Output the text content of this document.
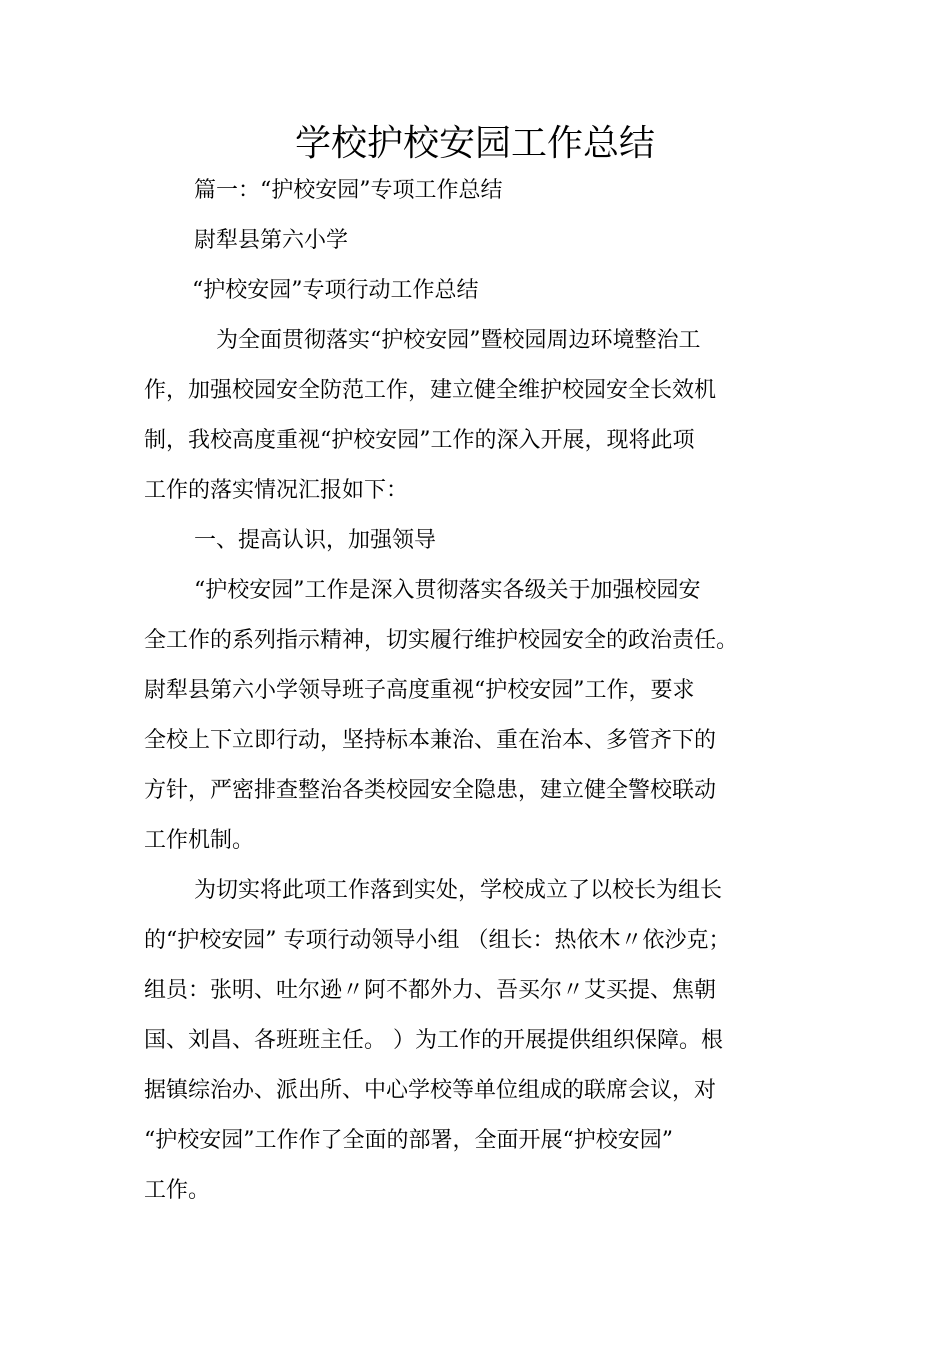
学校护校安园工作总结
篇一：“护校安园”专项工作总结
尉犁县第六小学
“护校安园”专项行动工作总结
为全面贯彻落实“护校安园”暨校园周边环境整治工
作，加强校园安全防范工作，建立健全维护校园安全长效机
制，我校高度重视“护校安园”工作的深入开展，现将此项
工作的落实情况汇报如下：
一、提高认识，加强领导
“护校安园”工作是深入贯彻落实各级关于加强校园安
全工作的系列指示精神，切实履行维护校园安全的政治责任。
尉犁县第六小学领导班子高度重视“护校安园”工作，要求
全校上下立即行动，坚持标本兼治、重在治本、多管齐下的
方针，严密排查整治各类校园安全隐患，建立健全警校联动
工作机制。
为切实将此项工作落到实处，学校成立了以校长为组长
的“护校安园” 专项行动领导小组 （组长：热依木〃依沙克；
组员：张明、吐尔逊〃阿不都外力、吾买尔〃艾买提、焦朝
国、刘昌、各班班主任。 ）为工作的开展提供组织保障。根
据镇综治办、派出所、中心学校等单位组成的联席会议，对
“护校安园”工作作了全面的部署，全面开展“护校安园”
工作。
